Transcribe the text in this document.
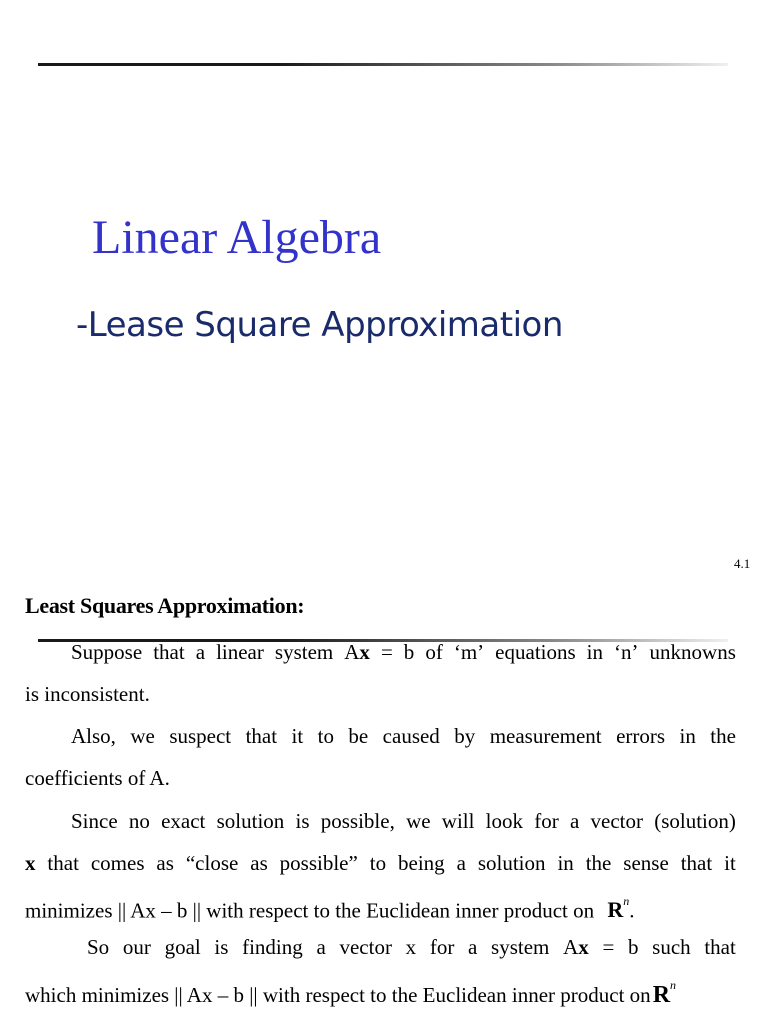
Linear Algebra
-Lease Square Approximation
4.1
Least Squares Approximation:
Suppose that a linear system Ax = b of ‘m’ equations in ‘n’ unknowns
is inconsistent.
Also, we suspect that it to be caused by measurement errors in the
coefficients of A.
Since no exact solution is possible, we will look for a vector (solution)
x that comes as “close as possible” to being a solution in the sense that it
minimizes || Ax – b || with respect to the Euclidean inner product on $R^n$.
So our goal is finding a vector x for a system Ax = b such that
which minimizes || Ax – b || with respect to the Euclidean inner product onR$^n$
